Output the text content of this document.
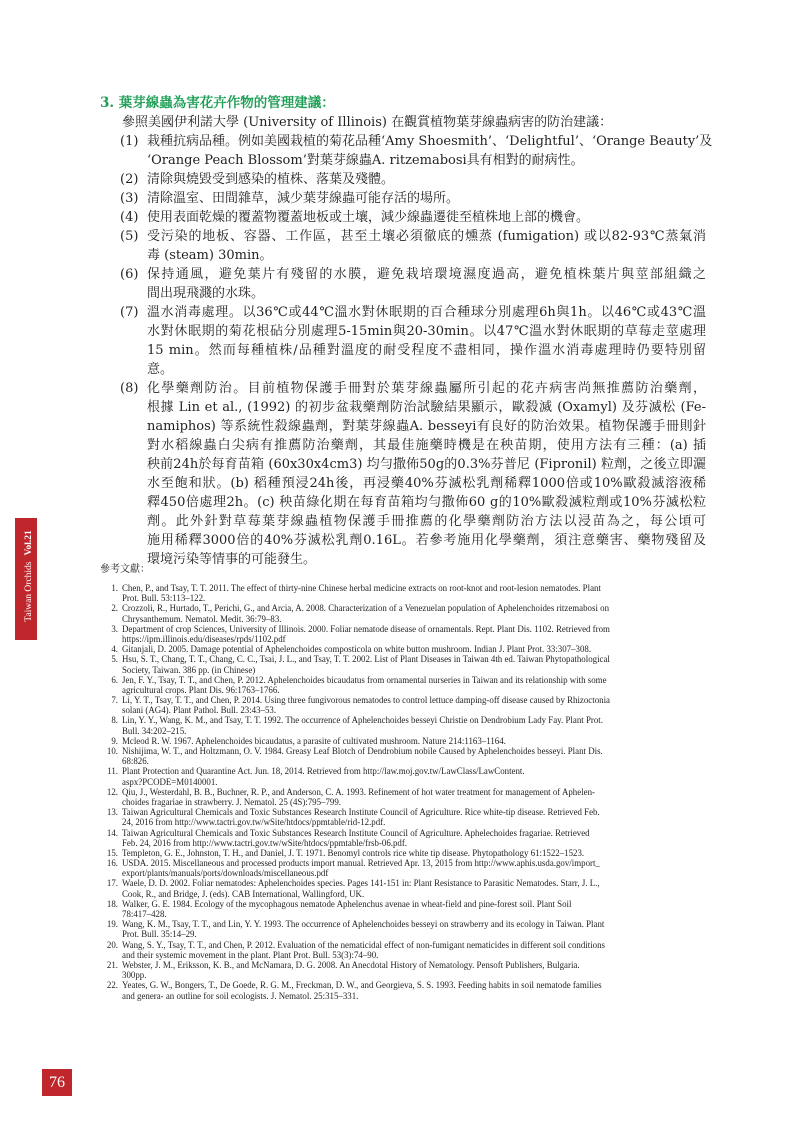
Taiwan OrchidsVol.21
3. 葉芽線蟲為害花卉作物的管理建議：
參照美國伊利諾大學 (University of Illinois) 在觀賞植物葉芽線蟲病害的防治建議：
(1) 栽種抗病品種。例如美國栽植的菊花品種‘Amy Shoesmith’、‘Delightful’、‘Orange Beauty’及
‘Orange Peach Blossom’對葉芽線蟲A. ritzemabosi具有相對的耐病性。
(2) 清除與燒毀受到感染的植株、落葉及殘體。
(3) 清除溫室、田間雜草，減少葉芽線蟲可能存活的場所。
(4) 使用表面乾燥的覆蓋物覆蓋地板或土壤，減少線蟲遷徙至植株地上部的機會。
(5) 受污染的地板、容器、工作區，甚至土壤必須徹底的燻蒸 (fumigation) 或以82-93℃蒸氣消
毒 (steam) 30min。
(6) 保持通風，避免葉片有殘留的水膜，避免栽培環境濕度過高，避免植株葉片與莖部組織之
間出現飛濺的水珠。
(7) 溫水消毒處理。以36℃或44℃溫水對休眠期的百合種球分別處理6h與1h。以46℃或43℃溫
水對休眠期的菊花根砧分別處理5-15min與20-30min。以47℃溫水對休眠期的草莓走莖處理
15 min。然而每種植株/品種對溫度的耐受程度不盡相同，操作溫水消毒處理時仍要特別留
意。
(8) 化學藥劑防治。目前植物保護手冊對於葉芽線蟲屬所引起的花卉病害尚無推薦防治藥劑，
根據 Lin et al., (1992) 的初步盆栽藥劑防治試驗結果顯示，歐殺滅 (Oxamyl) 及芬滅松 (Fe-
namiphos) 等系統性殺線蟲劑，對葉芽線蟲A. besseyi有良好的防治效果。植物保護手冊則針
對水稻線蟲白尖病有推薦防治藥劑，其最佳施藥時機是在秧苗期，使用方法有三種：(a) 插
秧前24h於每育苗箱 (60x30x4cm3) 均勻撒佈50g的0.3%芬普尼 (Fipronil) 粒劑，之後立即灑
水至飽和狀。(b) 稻種預浸24h後，再浸藥40%芬滅松乳劑稀釋1000倍或10%歐殺滅溶液稀
釋450倍處理2h。(c) 秧苗綠化期在每育苗箱均勻撒佈60 g的10%歐殺滅粒劑或10%芬滅松粒
劑。此外針對草莓葉芽線蟲植物保護手冊推薦的化學藥劑防治方法以浸苗為之，每公頃可
施用稀釋3000倍的40%芬滅松乳劑0.16L。若參考施用化學藥劑，須注意藥害、藥物殘留及
環境污染等情事的可能發生。
參考文獻：
1. Chen, P., and Tsay, T. T. 2011. The effect of thirty-nine Chinese herbal medicine extracts on root-knot and root-lesion nematodes. Plant
Prot. Bull. 53:113–122.
2. Crozzoli, R., Hurtado, T., Perichi, G., and Arcia, A. 2008. Characterization of a Venezuelan population of Aphelenchoides ritzemabosi on
Chrysanthemum. Nematol. Medit. 36:79–83.
3. Department of crop Sciences, University of Illinois. 2000. Foliar nematode disease of ornamentals. Rept. Plant Dis. 1102. Retrieved from
https://ipm.illinois.edu/diseases/rpds/1102.pdf
4. Gitanjali, D. 2005. Damage potential of Aphelenchoides composticola on white button mushroom. Indian J. Plant Prot. 33:307–308.
5. Hsu, S. T., Chang, T. T., Chang, C. C., Tsai, J. L., and Tsay, T. T. 2002. List of Plant Diseases in Taiwan 4th ed. Taiwan Phytopathological
Society, Taiwan. 386 pp. (in Chinese)
6. Jen, F. Y., Tsay, T. T., and Chen, P. 2012. Aphelenchoides bicaudatus from ornamental nurseries in Taiwan and its relationship with some
agricultural crops. Plant Dis. 96:1763–1766.
7. Li, Y. T., Tsay, T. T., and Chen, P. 2014. Using three fungivorous nematodes to control lettuce damping-off disease caused by Rhizoctonia
solani (AG4). Plant Pathol. Bull. 23:43–53.
8. Lin, Y. Y., Wang, K. M., and Tsay, T. T. 1992. The occurrence of Aphelenchoides besseyi Christie on Dendrobium Lady Fay. Plant Prot.
Bull. 34:202–215.
9. Mcleod R. W. 1967. Aphelenchoides bicaudatus, a parasite of cultivated mushroom. Nature 214:1163–1164.
10. Nishijima, W. T., and Holtzmann, O. V. 1984. Greasy Leaf Blotch of Dendrobium nobile Caused by Aphelenchoides besseyi. Plant Dis.
68:826.
11. Plant Protection and Quarantine Act. Jun. 18, 2014. Retrieved from http://law.moj.gov.tw/LawClass/LawContent.
aspx?PCODE=M0140001.
12. Qiu, J., Westerdahl, B. B., Buchner, R. P., and Anderson, C. A. 1993. Refinement of hot water treatment for management of Aphelen-
choides fragariae in strawberry. J. Nematol. 25 (4S):795–799.
13. Taiwan Agricultural Chemicals and Toxic Substances Research Institute Council of Agriculture. Rice white-tip disease. Retrieved Feb.
24, 2016 from http://www.tactri.gov.tw/wSite/htdocs/ppmtable/rid-12.pdf.
14. Taiwan Agricultural Chemicals and Toxic Substances Research Institute Council of Agriculture. Aphelechoides fragariae. Retrieved
Feb. 24, 2016 from http://www.tactri.gov.tw/wSite/htdocs/ppmtable/frsb-06.pdf.
15. Templeton, G. E., Johnston, T. H., and Daniel, J. T. 1971. Benomyl controls rice white tip disease. Phytopathology 61:1522–1523.
16. USDA. 2015. Miscellaneous and processed products import manual. Retrieved Apr. 13, 2015 from http://www.aphis.usda.gov/import_
export/plants/manuals/ports/downloads/miscellaneous.pdf
17. Waele, D. D. 2002. Foliar nematodes: Aphelenchoides species. Pages 141-151 in: Plant Resistance to Parasitic Nematodes. Starr, J. L.,
Cook, R., and Bridge, J. (eds). CAB International, Wallingford, UK.
18. Walker, G. E. 1984. Ecology of the mycophagous nematode Aphelenchus avenae in wheat-field and pine-forest soil. Plant Soil
78:417–428.
19. Wang, K. M., Tsay, T. T., and Lin, Y. Y. 1993. The occurrence of Aphelenchoides besseyi on strawberry and its ecology in Taiwan. Plant
Prot. Bull. 35:14–29.
20. Wang, S. Y., Tsay, T. T., and Chen, P. 2012. Evaluation of the nematicidal effect of non-fumigant nematicides in different soil conditions
and their systemic movement in the plant. Plant Prot. Bull. 53(3):74–90.
21. Webster, J. M., Eriksson, K. B., and McNamara, D. G. 2008. An Anecdotal History of Nematology. Pensoft Publishers, Bulgaria.
300pp.
22. Yeates, G. W., Bongers, T., De Goede, R. G. M., Freckman, D. W., and Georgieva, S. S. 1993. Feeding habits in soil nematode families
and genera- an outline for soil ecologists. J. Nematol. 25:315–331.
76
